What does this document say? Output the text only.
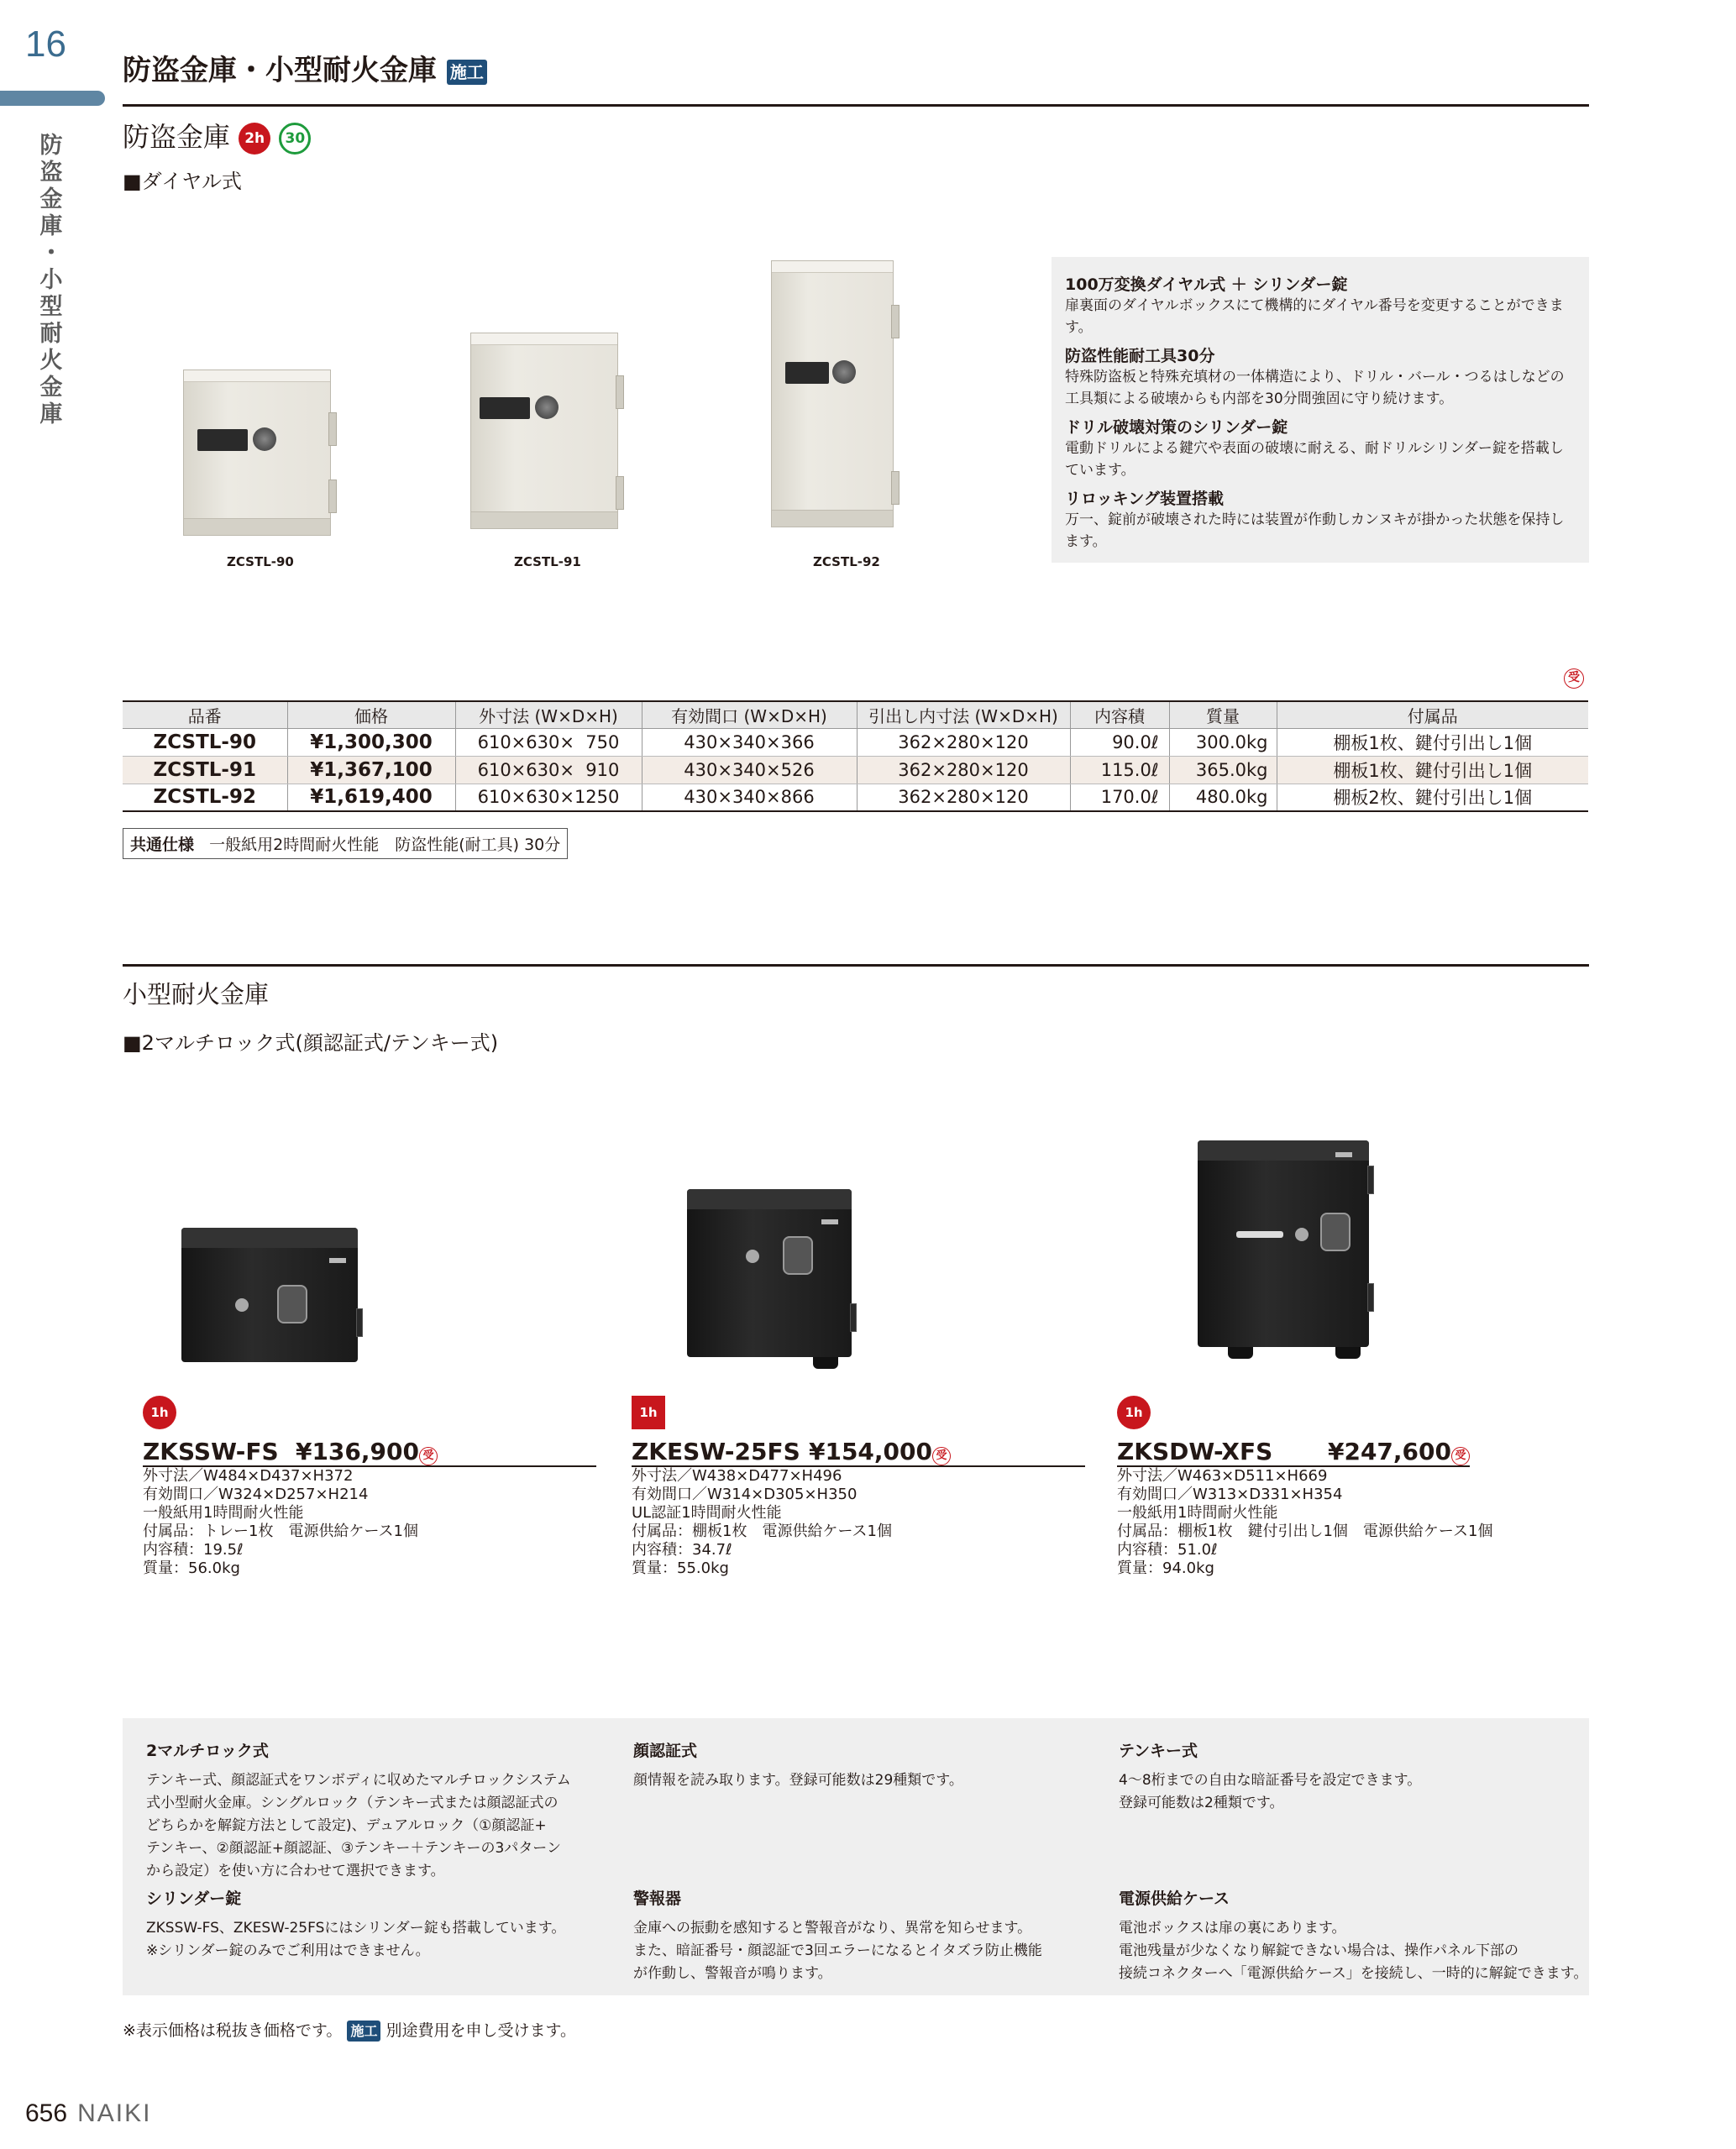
16
防
盗
金
庫
・
小
型
耐
火
金
庫
防盗金庫・小型耐火金庫 施工
防盗金庫 2h 30
■ダイヤル式
ZCSTL-90	ZCSTL-91	ZCSTL-92
100万変換ダイヤル式 ＋ シリンダー錠
扉裏面のダイヤルボックスにて機構的にダイヤル番号を変更することができます。
防盗性能耐工具30分
特殊防盗板と特殊充填材の一体構造により、ドリル・バール・つるはしなどの工具類による破壊からも内部を30分間強固に守り続けます。
ドリル破壊対策のシリンダー錠
電動ドリルによる鍵穴や表面の破壊に耐える、耐ドリルシリンダー錠を搭載しています。
リロッキング装置搭載
万一、錠前が破壊された時には装置が作動しカンヌキが掛かった状態を保持します。
受
品番	価格	外寸法 (W×D×H)	有効間口 (W×D×H)	引出し内寸法 (W×D×H)	内容積	質量	付属品
ZCSTL-90	¥1,300,300	610×630×  750	430×340×366	362×280×120	90.0ℓ	300.0kg	棚板1枚、鍵付引出し1個
ZCSTL-91	¥1,367,100	610×630×  910	430×340×526	362×280×120	115.0ℓ	365.0kg	棚板1枚、鍵付引出し1個
ZCSTL-92	¥1,619,400	610×630×1250	430×340×866	362×280×120	170.0ℓ	480.0kg	棚板2枚、鍵付引出し1個
共通仕様 一般紙用2時間耐火性能　防盗性能(耐工具) 30分
小型耐火金庫
■2マルチロック式(顔認証式/テンキー式)
1h
ZKSSW-FS ¥136,900 受
外寸法／W484×D437×H372
有効間口／W324×D257×H214
一般紙用1時間耐火性能
付属品：トレー1枚　電源供給ケース1個
内容積：19.5ℓ
質量：56.0kg
1h
ZKESW-25FS ¥154,000 受
外寸法／W438×D477×H496
有効間口／W314×D305×H350
UL認証1時間耐火性能
付属品：棚板1枚　電源供給ケース1個
内容積：34.7ℓ
質量：55.0kg
1h
ZKSDW-XFS ¥247,600 受
外寸法／W463×D511×H669
有効間口／W313×D331×H354
一般紙用1時間耐火性能
付属品：棚板1枚　鍵付引出し1個　電源供給ケース1個
内容積：51.0ℓ
質量：94.0kg
2マルチロック式
テンキー式、顔認証式をワンボディに収めたマルチロックシステム
式小型耐火金庫。シングルロック（テンキー式または顔認証式の
どちらかを解錠方法として設定)、デュアルロック（①顔認証+
テンキー、②顔認証+顔認証、③テンキー＋テンキーの3パターン
から設定）を使い方に合わせて選択できます。
顔認証式
顔情報を読み取ります。登録可能数は29種類です。
テンキー式
4～8桁までの自由な暗証番号を設定できます。
登録可能数は2種類です。
シリンダー錠
ZKSSW-FS、ZKESW-25FSにはシリンダー錠も搭載しています。
※シリンダー錠のみでご利用はできません。
警報器
金庫への振動を感知すると警報音がなり、異常を知らせます。
また、暗証番号・顔認証で3回エラーになるとイタズラ防止機能
が作動し、警報音が鳴ります。
電源供給ケース
電池ボックスは扉の裏にあります。
電池残量が少なくなり解錠できない場合は、操作パネル下部の
接続コネクターへ「電源供給ケース」を接続し、一時的に解錠できます。
※表示価格は税抜き価格です。 施工 別途費用を申し受けます。
656 NAIKI
